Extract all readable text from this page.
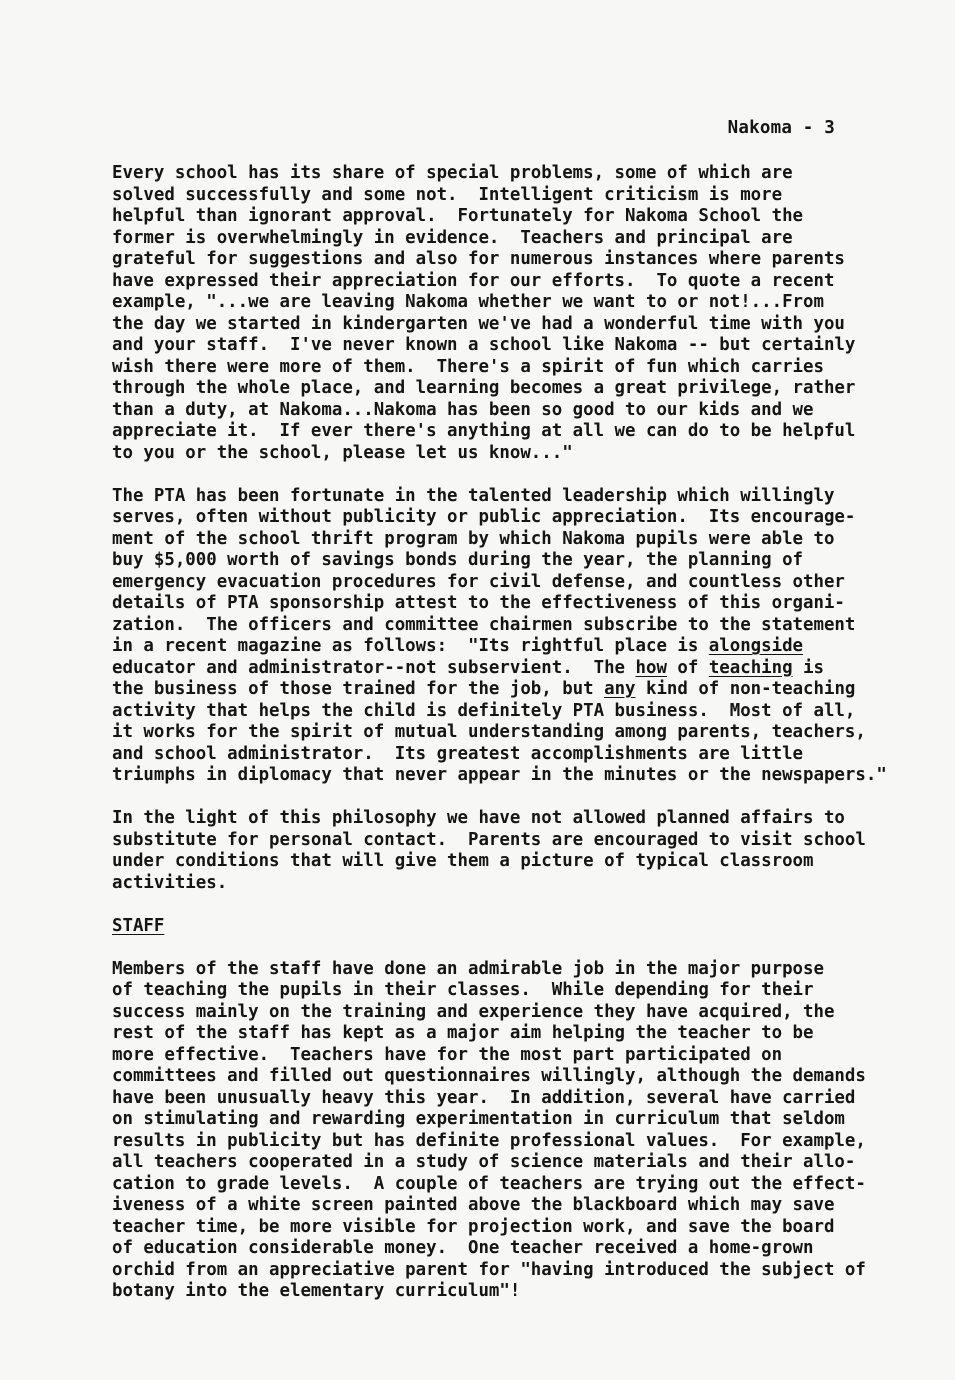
Nakoma - 3
Every school has its share of special problems, some of which are
solved successfully and some not.  Intelligent criticism is more
helpful than ignorant approval.  Fortunately for Nakoma School the
former is overwhelmingly in evidence.  Teachers and principal are
grateful for suggestions and also for numerous instances where parents
have expressed their appreciation for our efforts.  To quote a recent
example, "...we are leaving Nakoma whether we want to or not!...From
the day we started in kindergarten we've had a wonderful time with you
and your staff.  I've never known a school like Nakoma -- but certainly
wish there were more of them.  There's a spirit of fun which carries
through the whole place, and learning becomes a great privilege, rather
than a duty, at Nakoma...Nakoma has been so good to our kids and we
appreciate it.  If ever there's anything at all we can do to be helpful
to you or the school, please let us know..."
The PTA has been fortunate in the talented leadership which willingly
serves, often without publicity or public appreciation.  Its encourage-
ment of the school thrift program by which Nakoma pupils were able to
buy $5,000 worth of savings bonds during the year, the planning of
emergency evacuation procedures for civil defense, and countless other
details of PTA sponsorship attest to the effectiveness of this organi-
zation.  The officers and committee chairmen subscribe to the statement
in a recent magazine as follows:  "Its rightful place is alongside
educator and administrator--not subservient.  The how of teaching is
the business of those trained for the job, but any kind of non-teaching
activity that helps the child is definitely PTA business.  Most of all,
it works for the spirit of mutual understanding among parents, teachers,
and school administrator.  Its greatest accomplishments are little
triumphs in diplomacy that never appear in the minutes or the newspapers."
In the light of this philosophy we have not allowed planned affairs to
substitute for personal contact.  Parents are encouraged to visit school
under conditions that will give them a picture of typical classroom
activities.
STAFF
Members of the staff have done an admirable job in the major purpose
of teaching the pupils in their classes.  While depending for their
success mainly on the training and experience they have acquired, the
rest of the staff has kept as a major aim helping the teacher to be
more effective.  Teachers have for the most part participated on
committees and filled out questionnaires willingly, although the demands
have been unusually heavy this year.  In addition, several have carried
on stimulating and rewarding experimentation in curriculum that seldom
results in publicity but has definite professional values.  For example,
all teachers cooperated in a study of science materials and their allo-
cation to grade levels.  A couple of teachers are trying out the effect-
iveness of a white screen painted above the blackboard which may save
teacher time, be more visible for projection work, and save the board
of education considerable money.  One teacher received a home-grown
orchid from an appreciative parent for "having introduced the subject of
botany into the elementary curriculum"!
